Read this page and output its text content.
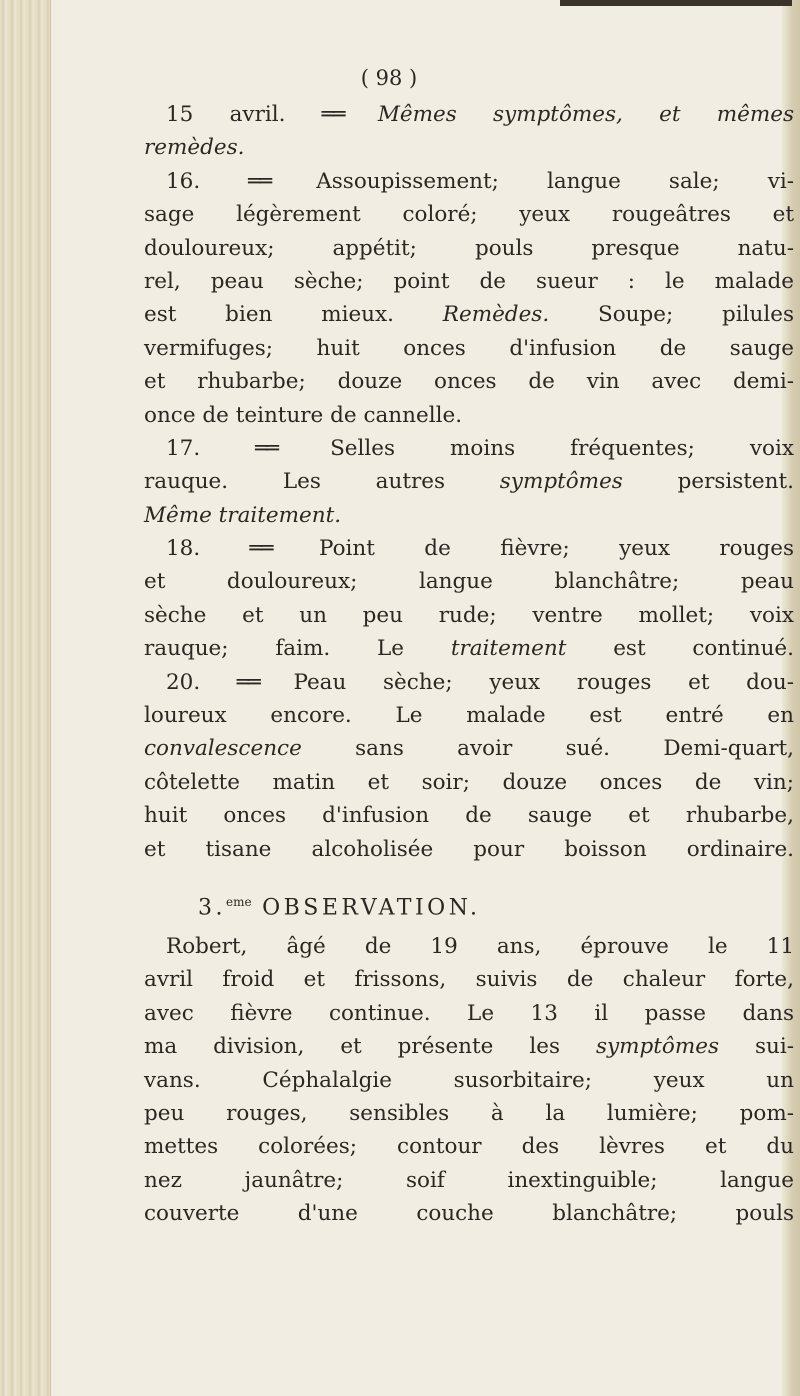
( 98 )
15 avril. ══ Mêmes symptômes, et mêmes
remèdes.
16. ══ Assoupissement; langue sale; vi-
sage légèrement coloré; yeux rougeâtres et
douloureux; appétit; pouls presque natu-
rel, peau sèche; point de sueur : le malade
est bien mieux. Remèdes. Soupe; pilules
vermifuges; huit onces d'infusion de sauge
et rhubarbe; douze onces de vin avec demi-
once de teinture de cannelle.
17. ══ Selles moins fréquentes; voix
rauque. Les autres symptômes persistent.
Même traitement.
18. ══ Point de fièvre; yeux rouges
et douloureux; langue blanchâtre; peau
sèche et un peu rude; ventre mollet; voix
rauque; faim. Le traitement est continué.
20. ══ Peau sèche; yeux rouges et dou-
loureux encore. Le malade est entré en
convalescence sans avoir sué. Demi-quart,
côtelette matin et soir; douze onces de vin;
huit onces d'infusion de sauge et rhubarbe,
et tisane alcoholisée pour boisson ordinaire.
3.$^{eme}$ OBSERVATION.
Robert, âgé de 19 ans, éprouve le 11
avril froid et frissons, suivis de chaleur forte,
avec fièvre continue. Le 13 il passe dans
ma division, et présente les symptômes sui-
vans. Céphalalgie susorbitaire; yeux un
peu rouges, sensibles à la lumière; pom-
mettes colorées; contour des lèvres et du
nez jaunâtre; soif inextinguible; langue
couverte d'une couche blanchâtre; pouls
